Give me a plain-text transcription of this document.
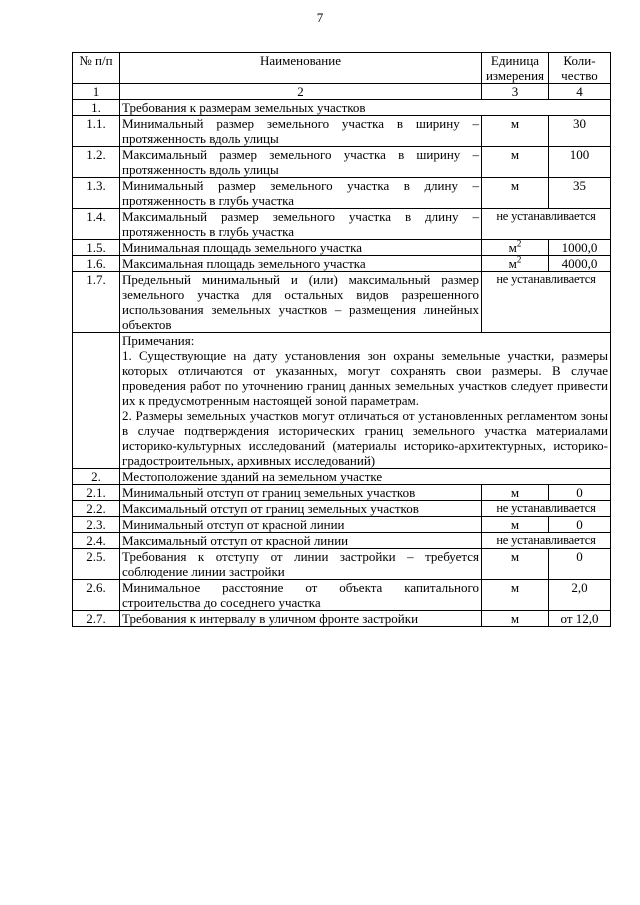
7
№ п/п	Наименование	Единица измерения	Коли-чество
1	2	3	4
1.	Требования к размерам земельных участков		
1.1.	Минимальный размер земельного участка в ширину – протяженность вдоль улицы	м	30
1.2.	Максимальный размер земельного участка в ширину – протяженность вдоль улицы	м	100
1.3.	Минимальный размер земельного участка в длину – протяженность в глубь участка	м	35
1.4.	Максимальный размер земельного участка в длину – протяженность в глубь участка	не устанавливается	
1.5.	Минимальная площадь земельного участка	$м^2$	1000,0
1.6.	Максимальная площадь земельного участка	$м^2$	4000,0
1.7.	Предельный минимальный и (или) максимальный размер земельного участка для остальных видов разрешенного использования земельных участков – размещения линейных объектов	не устанавливается	

	Примечания:
1. Существующие на дату установления зон охраны земельные участки, размеры которых отличаются от указанных, могут сохранять свои размеры. В случае проведения работ по уточнению границ данных земельных участков следует привести их к предусмотренным настоящей зоной параметрам.
2. Размеры земельных участков могут отличаться от установленных регламентом зоны в случае подтверждения исторических границ земельного участка материалами историко-культурных исследований (материалы историко-архитектурных, историко-градостроительных, архивных исследований)		

2.	Местоположение зданий на земельном участке		
2.1.	Минимальный отступ от границ земельных участков	м	0
2.2.	Максимальный отступ от границ земельных участков	не устанавливается	
2.3.	Минимальный отступ от красной линии	м	0
2.4.	Максимальный отступ от красной линии	не устанавливается	
2.5.	Требования к отступу от линии застройки – требуется соблюдение линии застройки	м	0
2.6.	Минимальное расстояние от объекта капитального строительства до соседнего участка	м	2,0
2.7.	Требования к интервалу в уличном фронте застройки	м	от 12,0
